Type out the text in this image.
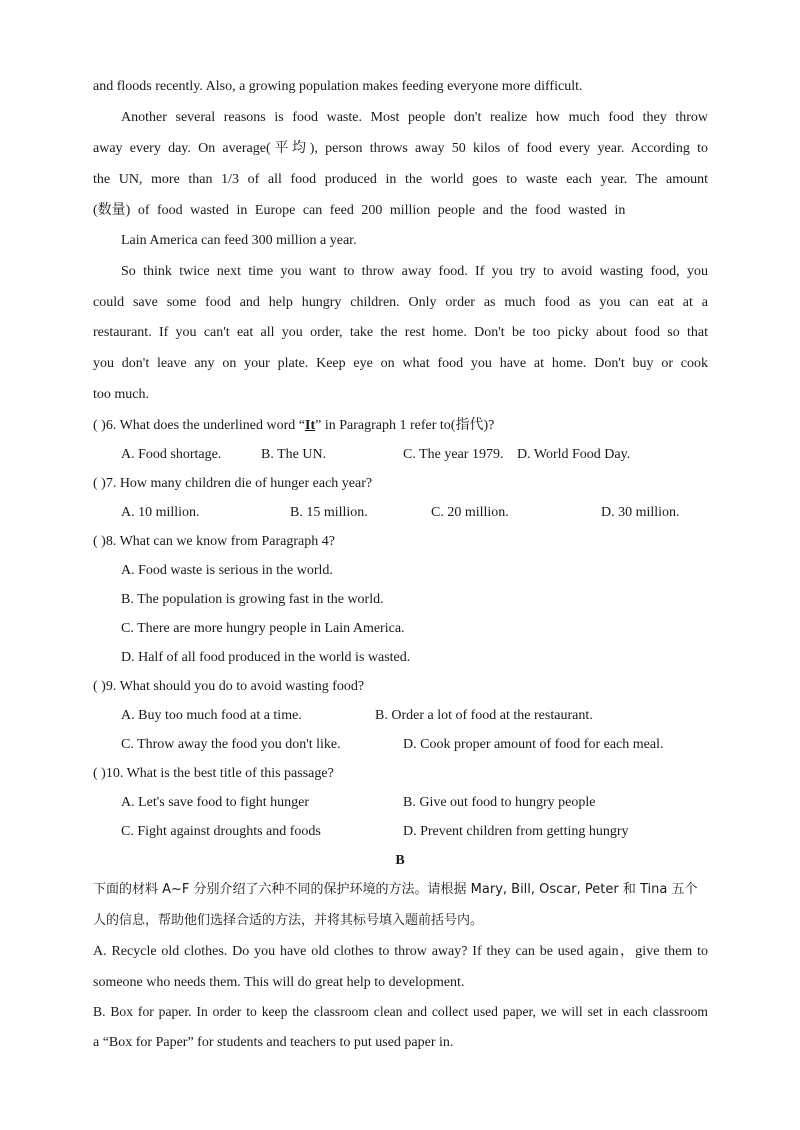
and floods recently. Also, a growing population makes feeding everyone more difficult.
Another several reasons is food waste. Most people don't realize how much food they throw
away every day. On average(平均), person throws away 50 kilos of food every year. According to
the UN, more than 1/3 of all food produced in the world goes to waste each year. The amount
(数量) of food wasted in Europe can feed 200 million people and the food wasted in
Lain America can feed 300 million a year.
So think twice next time you want to throw away food. If you try to avoid wasting food, you
could save some food and help hungry children. Only order as much food as you can eat at a
restaurant. If you can't eat all you order, take the rest home. Don't be too picky about food so that
you don't leave any on your plate. Keep eye on what food you have at home. Don't buy or cook
too much.
( )6. What does the underlined word “It” in Paragraph 1 refer to(指代)?
A. Food shortage.	B. The UN.	C. The year 1979. D. World Food Day.
( )7. How many children die of hunger each year?
A. 10 million.	B. 15 million.	C. 20 million.	D. 30 million.
( )8. What can we know from Paragraph 4?
A. Food waste is serious in the world.
B. The population is growing fast in the world.
C. There are more hungry people in Lain America.
D. Half of all food produced in the world is wasted.
( )9. What should you do to avoid wasting food?
A. Buy too much food at a time.	B. Order a lot of food at the restaurant.
C. Throw away the food you don't like.	D. Cook proper amount of food for each meal.
( )10. What is the best title of this passage?
A. Let's save food to fight hunger	B. Give out food to hungry people
C. Fight against droughts and foods	D. Prevent children from getting hungry
B
下面的材料 A~F 分别介绍了六种不同的保护环境的方法。请根据 Mary, Bill, Oscar, Peter 和 Tina 五个
人的信息，帮助他们选择合适的方法，并将其标号填入题前括号内。
A. Recycle old clothes. Do you have old clothes to throw away? If they can be used again，give them to
someone who needs them. This will do great help to development.
B. Box for paper. In order to keep the classroom clean and collect used paper, we will set in each classroom
a “Box for Paper” for students and teachers to put used paper in.
